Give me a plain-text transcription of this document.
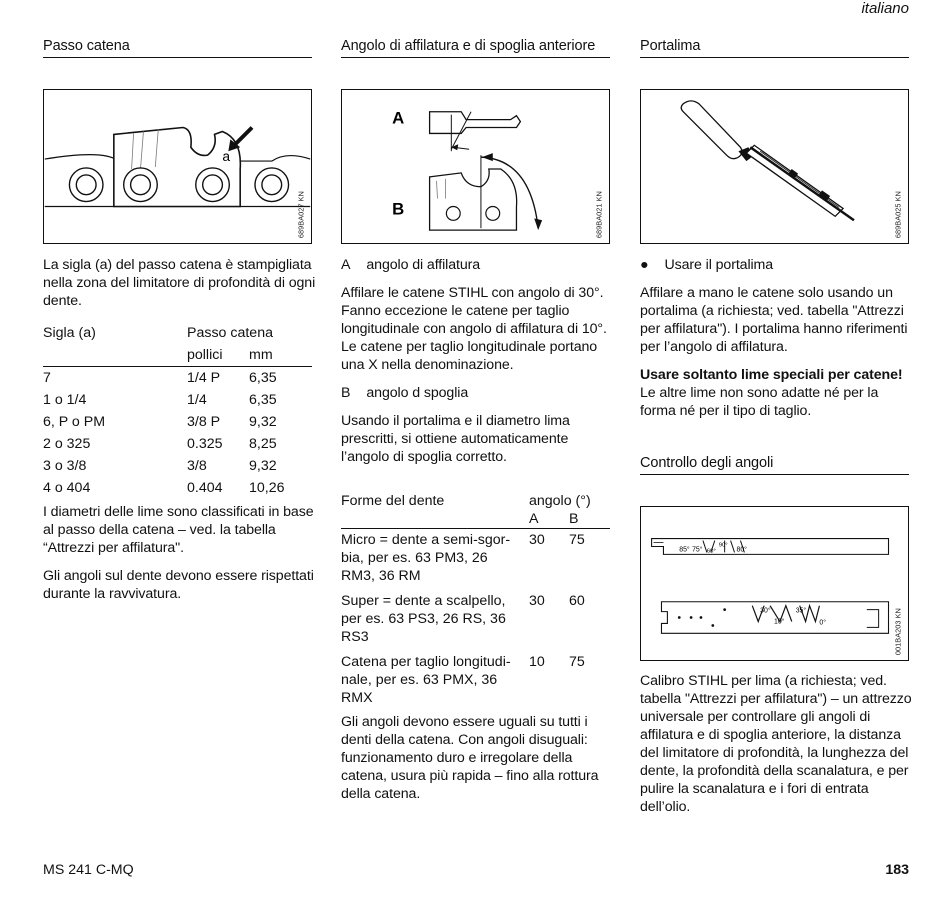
italiano
Passo catena
a
689BA027 KN
La sigla (a) del passo catena è stampigliata nella zona del limitatore di profondità di ogni dente.
Sigla (a)	Passo catena	
	pollici	mm
7	1/4 P	6,35
1 o 1/4	1/4	6,35
6, P o PM	3/8 P	9,32
2 o 325	0.325	8,25
3 o 3/8	3/8	9,32
4 o 404	0.404	10,26

I diametri delle lime sono classificati in base al passo della catena – ved. la tabella “Attrezzi per affilatura".

Gli angoli sul dente devono essere rispettati durante la ravvivatura.

Angolo di affilatura e di spoglia anteriore
A
B	689BA021 KN

A angolo di affilatura

Affilare le catene STIHL con angolo di 30°. Fanno eccezione le catene per taglio longitudinale con angolo di affilatura di 10°. Le catene per taglio longitudinale portano una X nella denominazione.

B angolo d spoglia

Usando il portalima e il diametro lima prescritti, si ottiene automaticamente l’angolo di spoglia corretto.

Forme del dente	angolo (°)	
	A	B
Micro = dente a semi-sgor-bia, per es. 63 PM3, 26 RM3, 36 RM	30	75
Super = dente a scalpello, per es. 63 PS3, 26 RS, 36 RS3	30	60
Catena per taglio longitudi-nale, per es. 63 PMX, 36 RMX	10	75
Gli angoli devono essere uguali su tutti i denti della catena. Con angoli disuguali: funzionamento duro e irregolare della catena, usura più rapida – fino alla rottura della catena.
Portalima
689BA025 KN

● Usare il portalima

Affilare a mano le catene solo usando un portalima (a richiesta; ved. tabella "Attrezzi per affilatura"). I portalima hanno riferimenti per l’angolo di affilatura.

Usare soltanto lime speciali per catene!

Le altre lime non sono adatte né per la forma né per il tipo di taglio.

Controllo degli angoli
85° 75° 60°
90°
80°
30°
10°
35°
0°	001BA203 KN
Calibro STIHL per lima (a richiesta; ved. tabella "Attrezzi per affilatura") – un attrezzo universale per controllare gli angoli di affilatura e di spoglia anteriore, la distanza del limitatore di profondità, la lunghezza del dente, la profondità della scanalatura, e per pulire la scanalatura e i fori di entrata dell’olio.
MS 241 C-MQ	183
